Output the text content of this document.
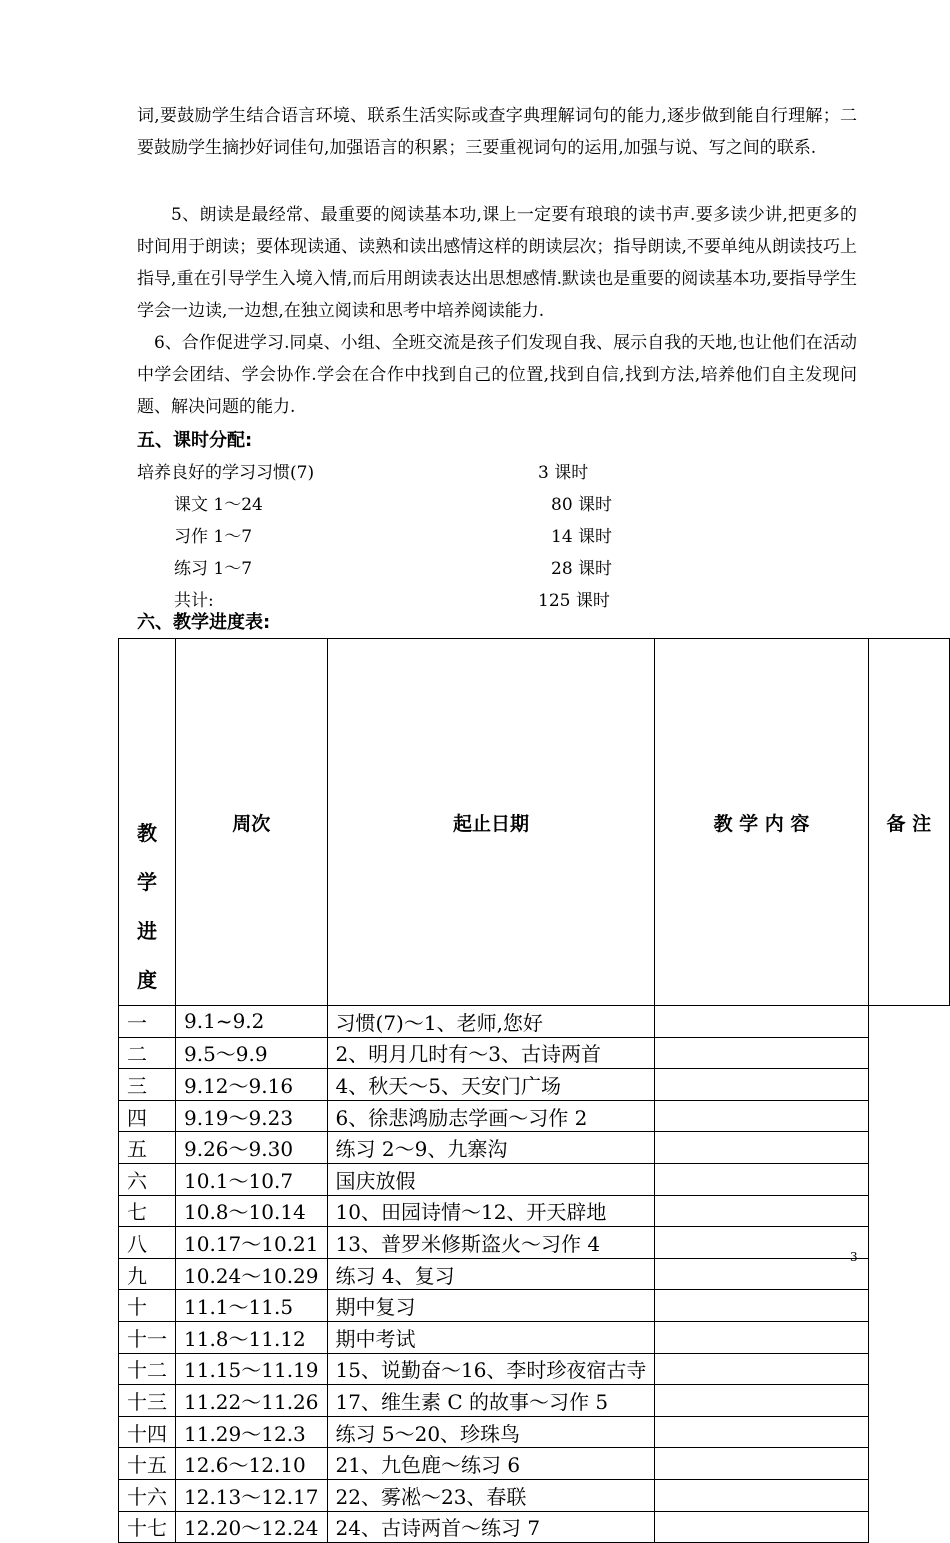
词,要鼓励学生结合语言环境、联系生活实际或查字典理解词句的能力,逐步做到能自行理解；二要鼓励学生摘抄好词佳句,加强语言的积累；三要重视词句的运用,加强与说、写之间的联系.
5、朗读是最经常、最重要的阅读基本功,课上一定要有琅琅的读书声.要多读少讲,把更多的时间用于朗读；要体现读通、读熟和读出感情这样的朗读层次；指导朗读,不要单纯从朗读技巧上指导,重在引导学生入境入情,而后用朗读表达出思想感情.默读也是重要的阅读基本功,要指导学生学会一边读,一边想,在独立阅读和思考中培养阅读能力.
6、合作促进学习.同桌、小组、全班交流是孩子们发现自我、展示自我的天地,也让他们在活动中学会团结、学会协作.学会在合作中找到自己的位置,找到自信,找到方法,培养他们自主发现问题、解决问题的能力.
五、课时分配:
培养良好的学习习惯(7)	3 课时
课文 1～24	80 课时
习作 1～7	14 课时
练习 1～7	28 课时
共计:	125 课时
六、教学进度表:
教
学
进
度	周次	起止日期	教 学 内 容	备 注
一	9.1~9.2	习惯(7)～1、老师,您好		
二	9.5～9.9	2、明月几时有～3、古诗两首		
三	9.12～9.16	4、秋天～5、天安门广场		
四	9.19～9.23	6、徐悲鸿励志学画～习作 2		
五	9.26～9.30	练习 2～9、九寨沟		
六	10.1～10.7	国庆放假		
七	10.8～10.14	10、田园诗情～12、开天辟地		
八	10.17～10.21	13、普罗米修斯盗火～习作 4		
九	10.24～10.29	练习 4、复习		
十	11.1～11.5	期中复习		
十一	11.8～11.12	期中考试		
十二	11.15～11.19	15、说勤奋～16、李时珍夜宿古寺		
十三	11.22～11.26	17、维生素 C 的故事～习作 5		
十四	11.29～12.3	练习 5～20、珍珠鸟		
十五	12.6～12.10	21、九色鹿～练习 6		
十六	12.13～12.17	22、雾凇～23、春联		
十七	12.20～12.24	24、古诗两首～练习 7		
3
